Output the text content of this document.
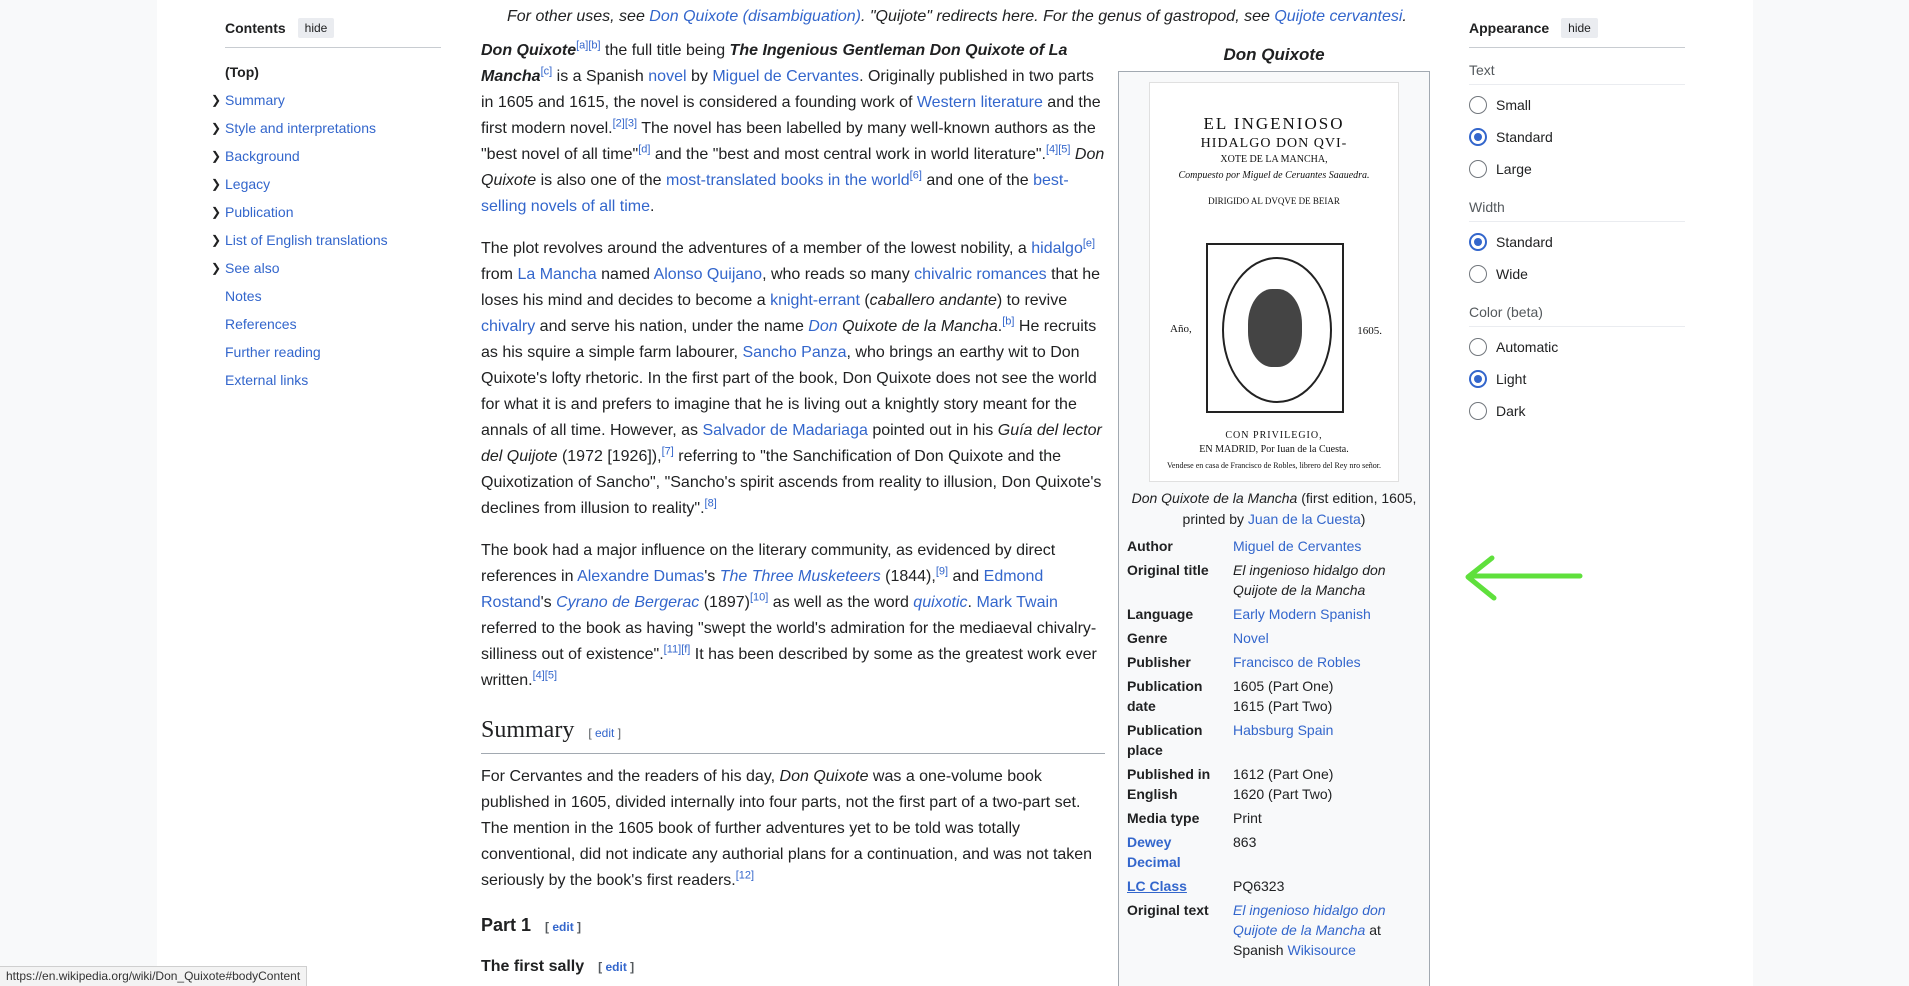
Contents	hide
(Top)
❯ Summary
❯ Style and interpretations
❯ Background
❯ Legacy
❯ Publication
❯ List of English translations
❯ See also
Notes
References
Further reading
External links
For other uses, see Don Quixote (disambiguation). "Quijote" redirects here. For the genus of gastropod, see Quijote cervantesi.

Don Quixote[a][b] the full title being The Ingenious Gentleman Don Quixote of La Mancha[c] is a Spanish novel by Miguel de Cervantes. Originally published in two parts in 1605 and 1615, the novel is considered a founding work of Western literature and the first modern novel.[2][3] The novel has been labelled by many well-known authors as the "best novel of all time"[d] and the "best and most central work in world literature".[4][5] Don Quixote is also one of the most-translated books in the world[6] and one of the best-selling novels of all time.

The plot revolves around the adventures of a member of the lowest nobility, a hidalgo[e] from La Mancha named Alonso Quijano, who reads so many chivalric romances that he loses his mind and decides to become a knight-errant (caballero andante) to revive chivalry and serve his nation, under the name Don Quixote de la Mancha.[b] He recruits as his squire a simple farm labourer, Sancho Panza, who brings an earthy wit to Don Quixote's lofty rhetoric. In the first part of the book, Don Quixote does not see the world for what it is and prefers to imagine that he is living out a knightly story meant for the annals of all time. However, as Salvador de Madariaga pointed out in his Guía del lector del Quijote (1972 [1926]),[7] referring to "the Sanchification of Don Quixote and the Quixotization of Sancho", "Sancho's spirit ascends from reality to illusion, Don Quixote's declines from illusion to reality".[8]

The book had a major influence on the literary community, as evidenced by direct references in Alexandre Dumas's The Three Musketeers (1844),[9] and Edmond Rostand's Cyrano de Bergerac (1897)[10] as well as the word quixotic. Mark Twain referred to the book as having "swept the world's admiration for the mediaeval chivalry-silliness out of existence".[11][f] It has been described by some as the greatest work ever written.[4][5]

Summary [ edit ]

For Cervantes and the readers of his day, Don Quixote was a one-volume book published in 1605, divided internally into four parts, not the first part of a two-part set. The mention in the 1605 book of further adventures yet to be told was totally conventional, did not indicate any authorial plans for a continuation, and was not taken seriously by the book's first readers.[12]

Part 1 [ edit ]
The first sally [ edit ]
Don Quixote
EL INGENIOSO
HIDALGO DON QVI-
XOTE DE LA MANCHA,
Compuesto por Miguel de Ceruantes Saauedra.
DIRIGIDO AL DVQVE DE BEIAR
Año,	1605.
CON PRIVILEGIO,
EN MADRID, Por Iuan de la Cuesta.
Vendese en casa de Francisco de Robles, librero del Rey nro señor.
Don Quixote de la Mancha (first edition, 1605, printed by Juan de la Cuesta)
Author	Miguel de Cervantes
Original title	El ingenioso hidalgo don Quijote de la Mancha
Language	Early Modern Spanish
Genre	Novel
Publisher	Francisco de Robles
Publication date	1605 (Part One)
1615 (Part Two)

Publication place	Habsburg Spain
Published in English	1612 (Part One)
1620 (Part Two)

Media type	Print
Dewey Decimal	863
LC Class	PQ6323
Original text	El ingenioso hidalgo don Quijote de la Mancha at Spanish Wikisource
Appearance	hide
Text
Small
Standard
Large
Width
Standard
Wide
Color (beta)
Automatic
Light
Dark
https://en.wikipedia.org/wiki/Don_Quixote#bodyContent
